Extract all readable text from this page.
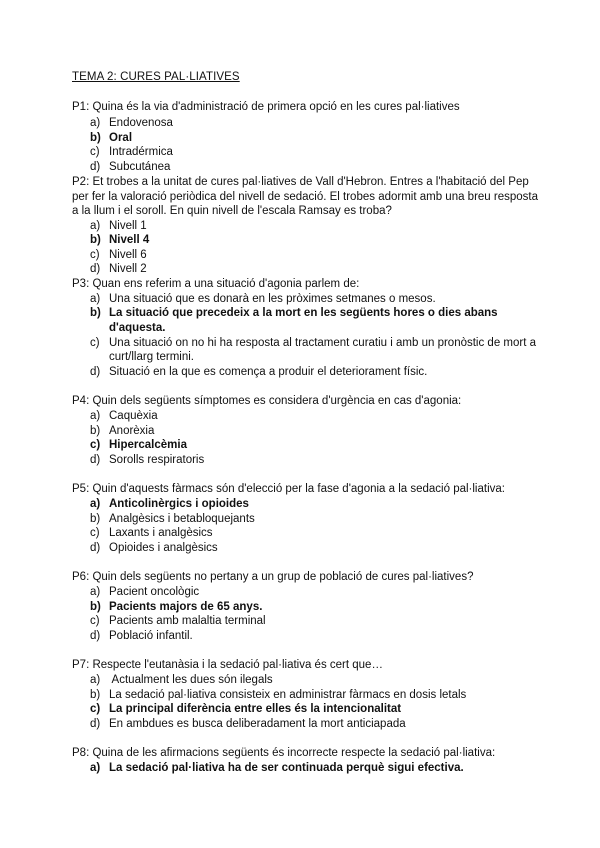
TEMA 2: CURES PAL·LIATIVES
P1: Quina és la via d'administració de primera opció en les cures pal·liatives
a) Endovenosa
b) Oral
c) Intradérmica
d) Subcutánea
P2: Et trobes a la unitat de cures pal·liatives de Vall d'Hebron. Entres a l'habitació del Pep
per fer la valoració periòdica del nivell de sedació. El trobes adormit amb una breu resposta
a la llum i el soroll. En quin nivell de l'escala Ramsay es troba?
a) Nivell 1
b) Nivell 4
c) Nivell 6
d) Nivell 2
P3: Quan ens referim a una situació d'agonia parlem de:
a) Una situació que es donarà en les pròximes setmanes o mesos.
b) La situació que precedeix a la mort en les següents hores o dies abans
d'aquesta.
c) Una situació on no hi ha resposta al tractament curatiu i amb un pronòstic de mort a
curt/llarg termini.
d) Situació en la que es comença a produir el deteriorament físic.
P4: Quin dels següents símptomes es considera d'urgència en cas d'agonia:
a) Caquèxia
b) Anorèxia
c) Hipercalcèmia
d) Sorolls respiratoris
P5: Quin d'aquests fàrmacs són d'elecció per la fase d'agonia a la sedació pal·liativa:
a) Anticolinèrgics i opioides
b) Analgèsics i betabloquejants
c) Laxants i analgèsics
d) Opioides i analgèsics
P6: Quin dels següents no pertany a un grup de població de cures pal·liatives?
a) Pacient oncològic
b) Pacients majors de 65 anys.
c) Pacients amb malaltia terminal
d) Població infantil.
P7: Respecte l'eutanàsia i la sedació pal·liativa és cert que…
a) Actualment les dues són ilegals
b) La sedació pal·liativa consisteix en administrar fàrmacs en dosis letals
c) La principal diferència entre elles és la intencionalitat
d) En ambdues es busca deliberadament la mort anticiapada
P8: Quina de les afirmacions següents és incorrecte respecte la sedació pal·liativa:
a) La sedació pal·liativa ha de ser continuada perquè sigui efectiva.
